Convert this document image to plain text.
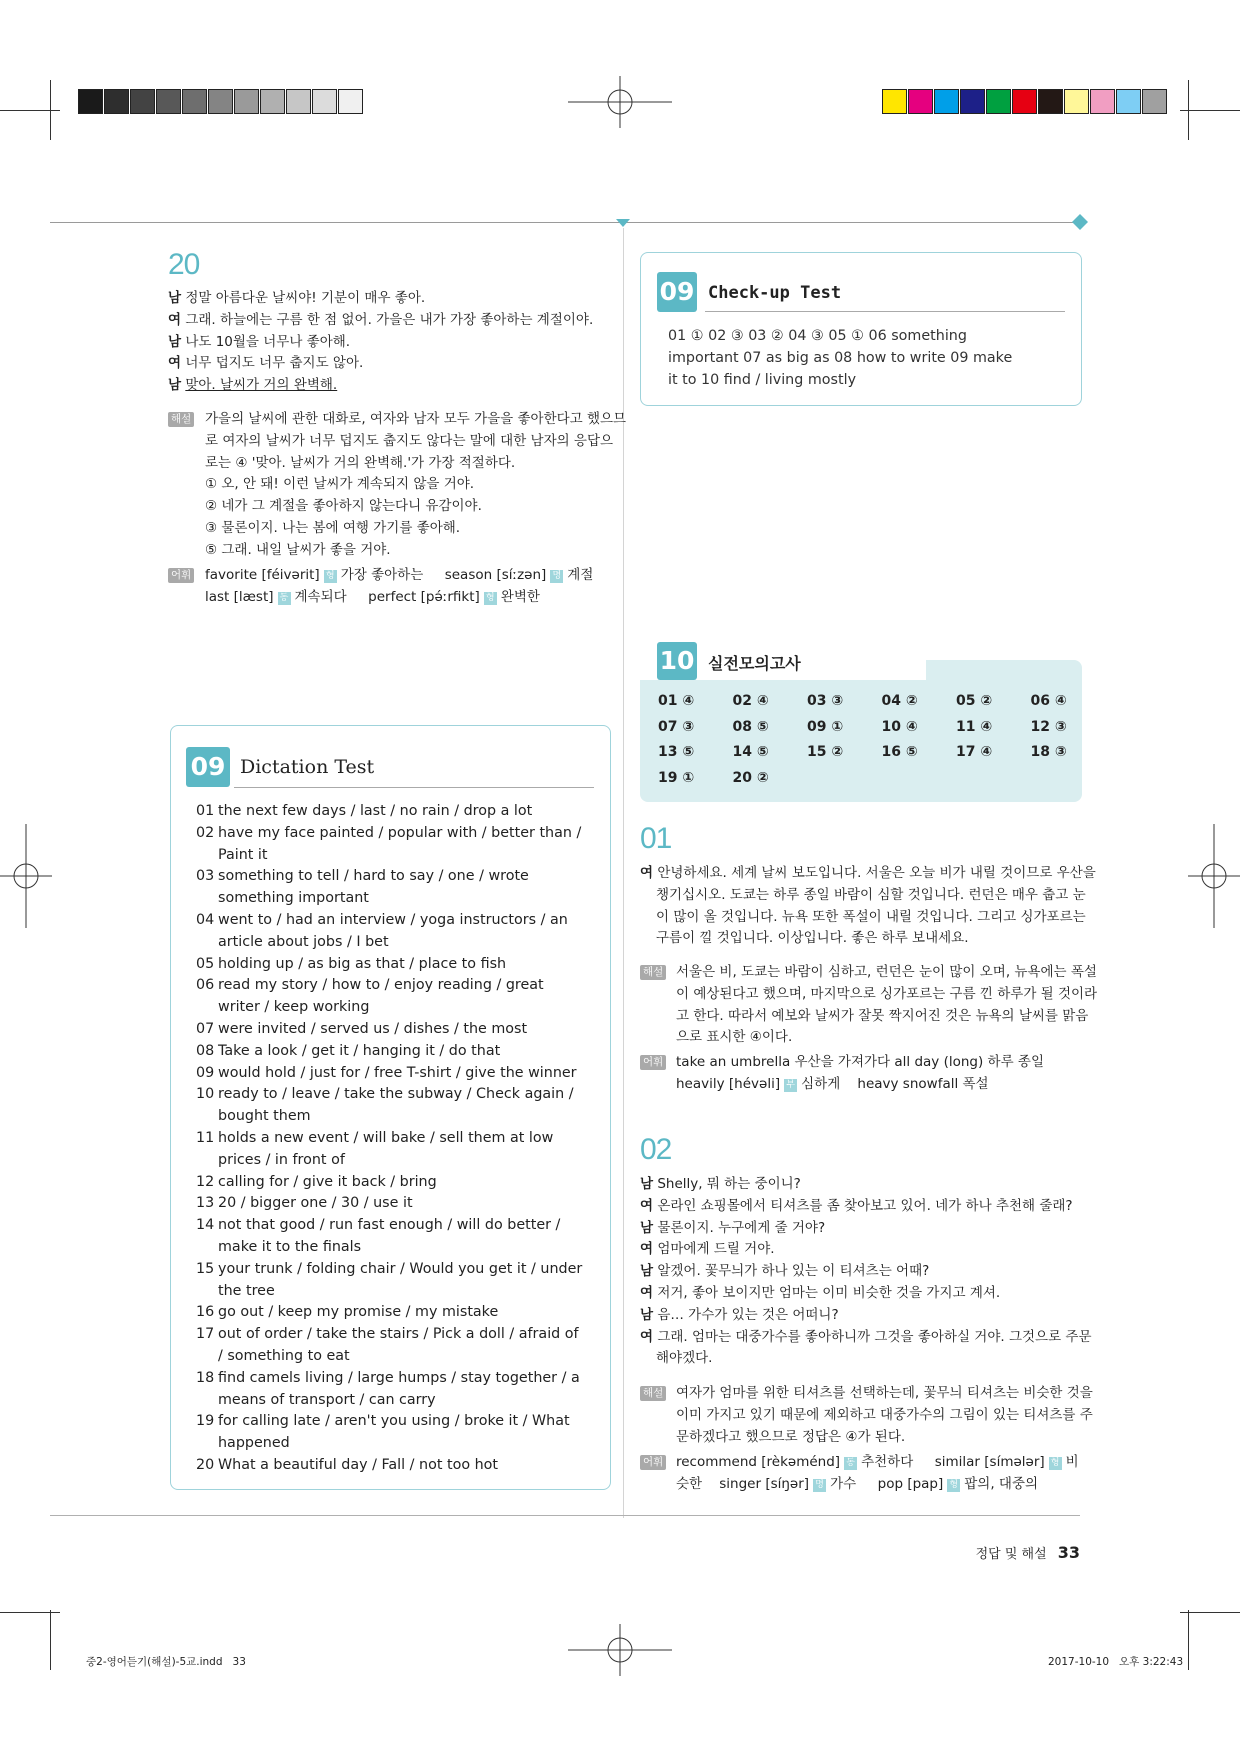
20
남 정말 아름다운 날씨야! 기분이 매우 좋아.
여 그래. 하늘에는 구름 한 점 없어. 가을은 내가 가장 좋아하는 계절이야.
남 나도 10월을 너무나 좋아해.
여 너무 덥지도 너무 춥지도 않아.
남 맞아. 날씨가 거의 완벽해.
해설 가을의 날씨에 관한 대화로, 여자와 남자 모두 가을을 좋아한다고 했으므
로 여자의 날씨가 너무 덥지도 춥지도 않다는 말에 대한 남자의 응답으
로는 ④ '맞아. 날씨가 거의 완벽해.'가 가장 적절하다.
① 오, 안 돼! 이런 날씨가 계속되지 않을 거야.
② 네가 그 계절을 좋아하지 않는다니 유감이야.
③ 물론이지. 나는 봄에 여행 가기를 좋아해.
⑤ 그래. 내일 날씨가 좋을 거야.
어휘 favorite [féivərit] 형 가장 좋아하는 season [síːzən] 명 계절
last [læst] 동 계속되다 perfect [pə́ːrfikt] 형 완벽한
09 Check-up Test
01 ① 02 ③ 03 ② 04 ③ 05 ① 06 something
important 07 as big as 08 how to write 09 make
it to 10 find / living mostly
10 실전모의고사
01 ④	02 ④	03 ③	04 ②	05 ②	06 ④
07 ③	08 ⑤	09 ①	10 ④	11 ④	12 ③
13 ⑤	14 ⑤	15 ②	16 ⑤	17 ④	18 ③
19 ①	20 ②
09 Dictation Test
01 the next few days / last / no rain / drop a lot
02 have my face painted / popular with / better than / Paint it
03 something to tell / hard to say / one / wrote something important
04 went to / had an interview / yoga instructors / an article about jobs / I bet
05 holding up / as big as that / place to fish
06 read my story / how to / enjoy reading / great writer / keep working
07 were invited / served us / dishes / the most
08 Take a look / get it / hanging it / do that
09 would hold / just for / free T-shirt / give the winner
10 ready to / leave / take the subway / Check again / bought them
11 holds a new event / will bake / sell them at low prices / in front of
12 calling for / give it back / bring
13 20 / bigger one / 30 / use it
14 not that good / run fast enough / will do better / make it to the finals
15 your trunk / folding chair / Would you get it / under the tree
16 go out / keep my promise / my mistake
17 out of order / take the stairs / Pick a doll / afraid of / something to eat
18 find camels living / large humps / stay together / a means of transport / can carry
19 for calling late / aren't you using / broke it / What happened
20 What a beautiful day / Fall / not too hot
01
여 안녕하세요. 세계 날씨 보도입니다. 서울은 오늘 비가 내릴 것이므로 우산을
챙기십시오. 도쿄는 하루 종일 바람이 심할 것입니다. 런던은 매우 춥고 눈
이 많이 올 것입니다. 뉴욕 또한 폭설이 내릴 것입니다. 그리고 싱가포르는
구름이 낄 것입니다. 이상입니다. 좋은 하루 보내세요.
해설 서울은 비, 도쿄는 바람이 심하고, 런던은 눈이 많이 오며, 뉴욕에는 폭설
이 예상된다고 했으며, 마지막으로 싱가포르는 구름 낀 하루가 될 것이라
고 한다. 따라서 예보와 날씨가 잘못 짝지어진 것은 뉴욕의 날씨를 맑음
으로 표시한 ④이다.
어휘 take an umbrella 우산을 가져가다 all day (long) 하루 종일
heavily [hévəli] 부 심하게 heavy snowfall 폭설
02
남 Shelly, 뭐 하는 중이니?
여 온라인 쇼핑몰에서 티셔츠를 좀 찾아보고 있어. 네가 하나 추천해 줄래?
남 물론이지. 누구에게 줄 거야?
여 엄마에게 드릴 거야.
남 알겠어. 꽃무늬가 하나 있는 이 티셔츠는 어때?
여 저거, 좋아 보이지만 엄마는 이미 비슷한 것을 가지고 계셔.
남 음… 가수가 있는 것은 어떠니?
여 그래. 엄마는 대중가수를 좋아하니까 그것을 좋아하실 거야. 그것으로 주문
해야겠다.
해설 여자가 엄마를 위한 티셔츠를 선택하는데, 꽃무늬 티셔츠는 비슷한 것을
이미 가지고 있기 때문에 제외하고 대중가수의 그림이 있는 티셔츠를 주
문하겠다고 했으므로 정답은 ④가 된다.
어휘 recommend [rèkəménd] 동 추천하다 similar [símələr] 형 비
슷한 singer [síŋər] 명 가수 pop [pap] 형 팝의, 대중의
정답 및 해설 33
중2-영어듣기(해설)-5교.indd   33	2017-10-10   오후 3:22:43
